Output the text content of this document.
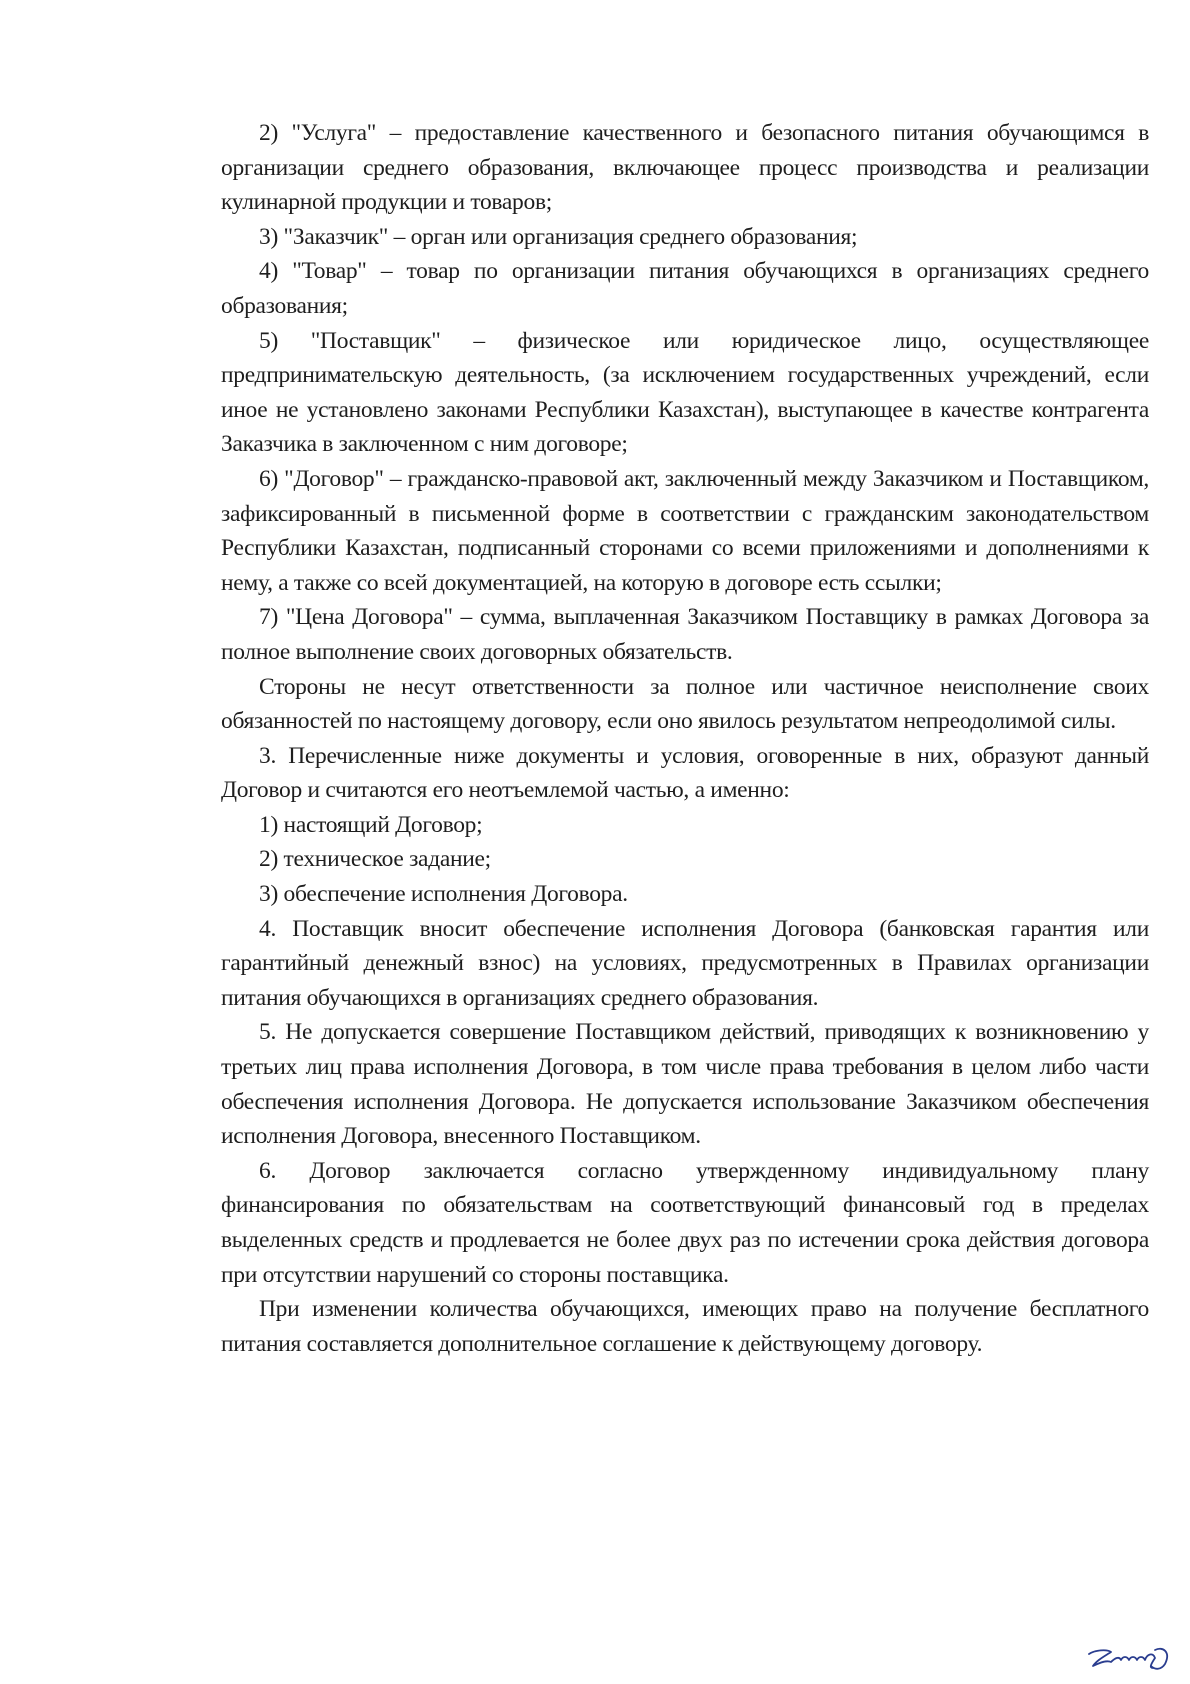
2) "Услуга" – предоставление качественного и безопасного питания обучающимся в организации среднего образования, включающее процесс производства и реализации кулинарной продукции и товаров;

3) "Заказчик" – орган или организация среднего образования;

4) "Товар" – товар по организации питания обучающихся в организациях среднего образования;

5) "Поставщик" – физическое или юридическое лицо, осуществляющее предпринимательскую деятельность, (за исключением государственных учреждений, если иное не установлено законами Республики Казахстан), выступающее в качестве контрагента Заказчика в заключенном с ним договоре;

6) "Договор" – гражданско-правовой акт, заключенный между Заказчиком и Поставщиком, зафиксированный в письменной форме в соответствии с гражданским законодательством Республики Казахстан, подписанный сторонами со всеми приложениями и дополнениями к нему, а также со всей документацией, на которую в договоре есть ссылки;

7) "Цена Договора" – сумма, выплаченная Заказчиком Поставщику в рамках Договора за полное выполнение своих договорных обязательств.

Стороны не несут ответственности за полное или частичное неисполнение своих обязанностей по настоящему договору, если оно явилось результатом непреодолимой силы.

3. Перечисленные ниже документы и условия, оговоренные в них, образуют данный Договор и считаются его неотъемлемой частью, а именно:

1) настоящий Договор;

2) техническое задание;

3) обеспечение исполнения Договора.

4. Поставщик вносит обеспечение исполнения Договора (банковская гарантия или гарантийный денежный взнос) на условиях, предусмотренных в Правилах организации питания обучающихся в организациях среднего образования.

5. Не допускается совершение Поставщиком действий, приводящих к возникновению у третьих лиц права исполнения Договора, в том числе права требования в целом либо части обеспечения исполнения Договора. Не допускается использование Заказчиком обеспечения исполнения Договора, внесенного Поставщиком.

6. Договор заключается согласно утвержденному индивидуальному плану финансирования по обязательствам на соответствующий финансовый год в пределах выделенных средств и продлевается не более двух раз по истечении срока действия договора при отсутствии нарушений со стороны поставщика.

При изменении количества обучающихся, имеющих право на получение бесплатного питания составляется дополнительное соглашение к действующему договору.
